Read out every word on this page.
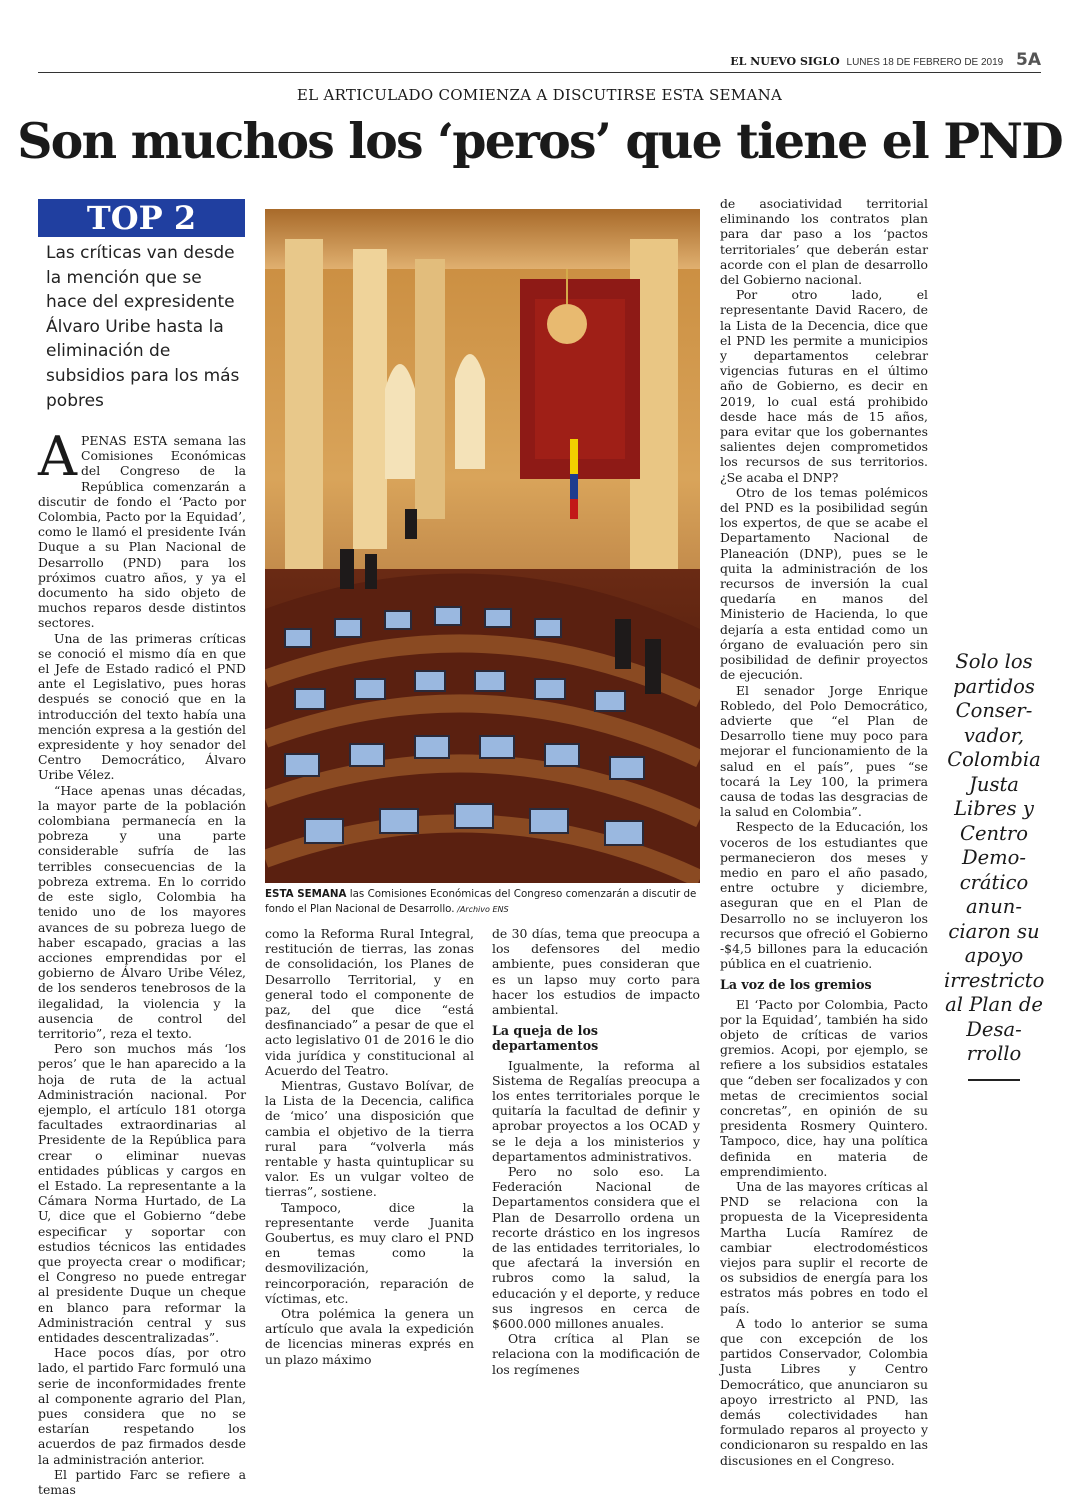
EL NUEVO SIGLO LUNES 18 DE FEBRERO DE 2019 5A
EL ARTICULADO COMIENZA A DISCUTIRSE ESTA SEMANA
Son muchos los ‘peros’ que tiene el PND
TOP 2
Las críticas van desde la mención que se hace del expresidente Álvaro Uribe hasta la eliminación de subsidios para los más pobres

APENAS ESTA semana las Comisiones Económicas del Congreso de la República comenzarán a discutir de fondo el ‘Pacto por Colombia, Pacto por la Equidad’, como le llamó el presidente Iván Duque a su Plan Nacional de Desarrollo (PND) para los próximos cuatro años, y ya el documento ha sido objeto de muchos reparos desde distintos sectores.

Una de las primeras críticas se conoció el mismo día en que el Jefe de Estado radicó el PND ante el Legislativo, pues horas después se conoció que en la introducción del texto había una mención expresa a la gestión del expresidente y hoy senador del Centro Democrático, Álvaro Uribe Vélez.

“Hace apenas unas décadas, la mayor parte de la población colombiana permanecía en la pobreza y una parte considerable sufría de las terribles consecuencias de la pobreza extrema. En lo corrido de este siglo, Colombia ha tenido uno de los mayores avances de su pobreza luego de haber escapado, gracias a las acciones emprendidas por el gobierno de Álvaro Uribe Vélez, de los senderos tenebrosos de la ilegalidad, la violencia y la ausencia de control del territorio”, reza el texto.

Pero son muchos más ‘los peros’ que le han aparecido a la hoja de ruta de la actual Administración nacional. Por ejemplo, el artículo 181 otorga facultades extraordinarias al Presidente de la República para crear o eliminar nuevas entidades públicas y cargos en el Estado. La representante a la Cámara Norma Hurtado, de La U, dice que el Gobierno “debe especificar y soportar con estudios técnicos las entidades que proyecta crear o modificar; el Congreso no puede entregar al presidente Duque un cheque en blanco para reformar la Administración central y sus entidades descentralizadas”.

Hace pocos días, por otro lado, el partido Farc formuló una serie de inconformidades frente al componente agrario del Plan, pues considera que no se estarían respetando los acuerdos de paz firmados desde la administración anterior.

El partido Farc se refiere a temas

ESTA SEMANA las Comisiones Económicas del Congreso comenzarán a discutir de fondo el Plan Nacional de Desarrollo. /Archivo ENS

como la Reforma Rural Integral, restitución de tierras, las zonas de consolidación, los Planes de Desarrollo Territorial, y en general todo el componente de paz, del que dice “está desfinanciado” a pesar de que el acto legislativo 01 de 2016 le dio vida jurídica y constitucional al Acuerdo del Teatro.

Mientras, Gustavo Bolívar, de la Lista de la Decencia, califica de ‘mico’ una disposición que cambia el objetivo de la tierra rural para “volverla más rentable y hasta quintuplicar su valor. Es un vulgar volteo de tierras”, sostiene.

Tampoco, dice la representante verde Juanita Goubertus, es muy claro el PND en temas como la desmovilización, reincorporación, reparación de víctimas, etc.

Otra polémica la genera un artículo que avala la expedición de licencias mineras exprés en un plazo máximo

de 30 días, tema que preocupa a los defensores del medio ambiente, pues consideran que es un lapso muy corto para hacer los estudios de impacto ambiental.

La queja de los departamentos

Igualmente, la reforma al Sistema de Regalías preocupa a los entes territoriales porque le quitaría la facultad de definir y aprobar proyectos a los OCAD y se le deja a los ministerios y departamentos administrativos.

Pero no solo eso. La Federación Nacional de Departamentos considera que el Plan de Desarrollo ordena un recorte drástico en los ingresos de las entidades territoriales, lo que afectará la inversión en rubros como la salud, la educación y el deporte, y reduce sus ingresos en cerca de $600.000 millones anuales.

Otra crítica al Plan se relaciona con la modificación de los regímenes

de asociatividad territorial eliminando los contratos plan para dar paso a los ‘pactos territoriales’ que deberán estar acorde con el plan de desarrollo del Gobierno nacional.

Por otro lado, el representante David Racero, de la Lista de la Decencia, dice que el PND les permite a municipios y departamentos celebrar vigencias futuras en el último año de Gobierno, es decir en 2019, lo cual está prohibido desde hace más de 15 años, para evitar que los gobernantes salientes dejen comprometidos los recursos de sus territorios. ¿Se acaba el DNP?

Otro de los temas polémicos del PND es la posibilidad según los expertos, de que se acabe el Departamento Nacional de Planeación (DNP), pues se le quita la administración de los recursos de inversión la cual quedaría en manos del Ministerio de Hacienda, lo que dejaría a esta entidad como un órgano de evaluación pero sin posibilidad de definir proyectos de ejecución.

El senador Jorge Enrique Robledo, del Polo Democrático, advierte que “el Plan de Desarrollo tiene muy poco para mejorar el funcionamiento de la salud en el país”, pues “se tocará la Ley 100, la primera causa de todas las desgracias de la salud en Colombia”.

Respecto de la Educación, los voceros de los estudiantes que permanecieron dos meses y medio en paro el año pasado, entre octubre y diciembre, aseguran que en el Plan de Desarrollo no se incluyeron los recursos que ofreció el Gobierno -$4,5 billones para la educación pública en el cuatrienio.

La voz de los gremios

El ‘Pacto por Colombia, Pacto por la Equidad’, también ha sido objeto de críticas de varios gremios. Acopi, por ejemplo, se refiere a los subsidios estatales que “deben ser focalizados y con metas de crecimientos social concretas”, en opinión de su presidenta Rosmery Quintero. Tampoco, dice, hay una política definida en materia de emprendimiento.

Una de las mayores críticas al PND se relaciona con la propuesta de la Vicepresidenta Martha Lucía Ramírez de cambiar electrodomésticos viejos para suplir el recorte de os subsidios de energía para los estratos más pobres en todo el país.

A todo lo anterior se suma que con excepción de los partidos Conservador, Colombia Justa Libres y Centro Democrático, que anunciaron su apoyo irrestricto al PND, las demás colectividades han formulado reparos al proyecto y condicionaron su respaldo en las discusiones en el Congreso.

Solo los partidos Conser-vador, Colombia Justa Libres y Centro Demo-crático anun-ciaron su apoyo irrestricto al Plan de Desa-rrollo
